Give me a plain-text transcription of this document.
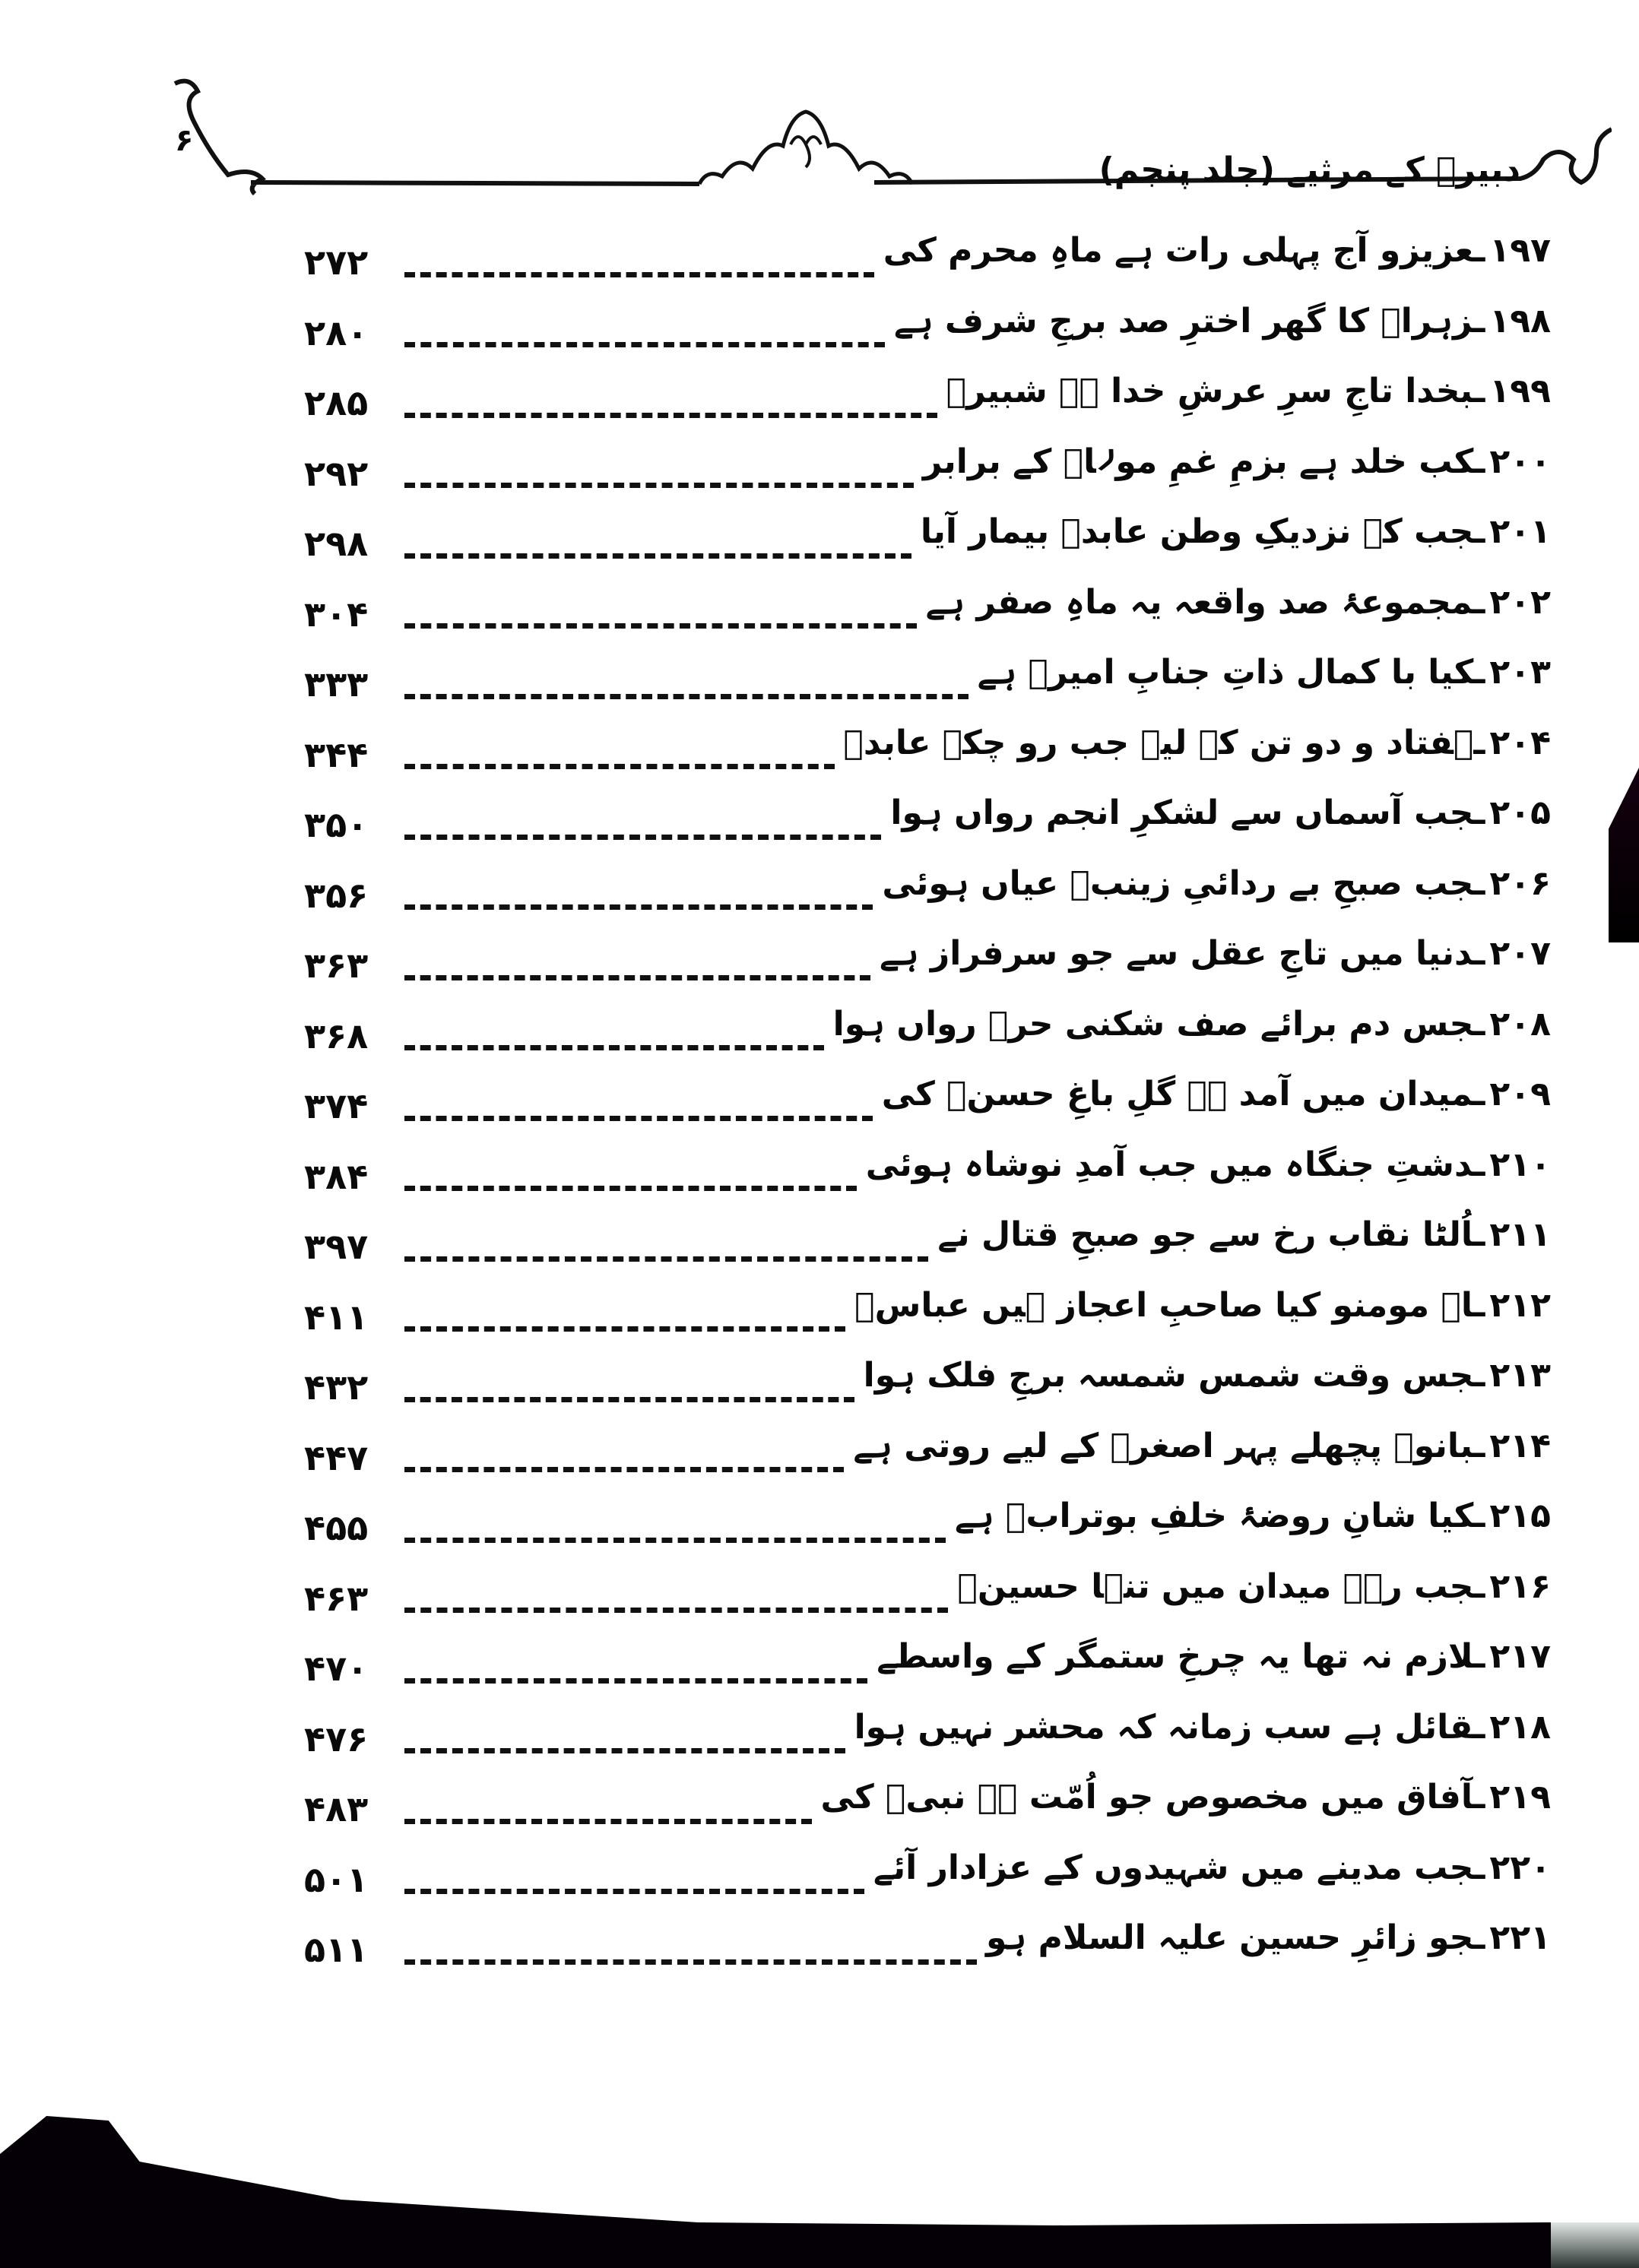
۶
دبیرؔ کے مرثیے (جلد پنجم)
۱۹۷ـعزیزو آج پہلی رات ہے ماہِ محرم کی
۲۷۲
۱۹۸ـزہراؑ کا گھر اخترِ صد برجِ شرف ہے
۲۸۰
۱۹۹ـبخدا تاجِ سرِ عرشِ خدا ہے شبیرؑ
۲۸۵
۲۰۰ـکب خلد ہے بزمِ غمِ مولاؑ کے برابر
۲۹۲
۲۰۱ـجب کہ نزدیکِ وطن عابدؑ بیمار آیا
۲۹۸
۲۰۲ـمجموعۂ صد واقعہ یہ ماہِ صفر ہے
۳۰۴
۲۰۳ـکیا با کمال ذاتِ جنابِ امیرؑ ہے
۳۳۳
۲۰۴ـہفتاد و دو تن کے لیے جب رو چکے عابدؑ
۳۴۴
۲۰۵ـجب آسماں سے لشکرِ انجم رواں ہوا
۳۵۰
۲۰۶ـجب صبحِ بے ردائیِ زینبؑ عیاں ہوئی
۳۵۶
۲۰۷ـدنیا میں تاجِ عقل سے جو سرفراز ہے
۳۶۳
۲۰۸ـجس دم برائے صف شکنی حرؑ رواں ہوا
۳۶۸
۲۰۹ـمیدان میں آمد ہے گلِ باغِ حسنؑ کی
۳۷۴
۲۱۰ـدشتِ جنگاہ میں جب آمدِ نوشاہ ہوئی
۳۸۴
۲۱۱ـاُلٹا نقاب رخ سے جو صبحِ قتال نے
۳۹۷
۲۱۲ـاے مومنو کیا صاحبِ اعجاز ہیں عباسؑ
۴۱۱
۲۱۳ـجس وقت شمس شمسہ برجِ فلک ہوا
۴۳۲
۲۱۴ـبانوؑ پچھلے پہر اصغرؑ کے لیے روتی ہے
۴۴۷
۲۱۵ـکیا شانِ روضۂ خلفِ بوترابؑ ہے
۴۵۵
۲۱۶ـجب رہے میدان میں تنہا حسینؑ
۴۶۳
۲۱۷ـلازم نہ تھا یہ چرخِ ستمگر کے واسطے
۴۷۰
۲۱۸ـقائل ہے سب زمانہ کہ محشر نہیں ہوا
۴۷۶
۲۱۹ـآفاق میں مخصوص جو اُمّت ہے نبیؐ کی
۴۸۳
۲۲۰ـجب مدینے میں شہیدوں کے عزادار آئے
۵۰۱
۲۲۱ـجو زائرِ حسین علیہ السلام ہو
۵۱۱
